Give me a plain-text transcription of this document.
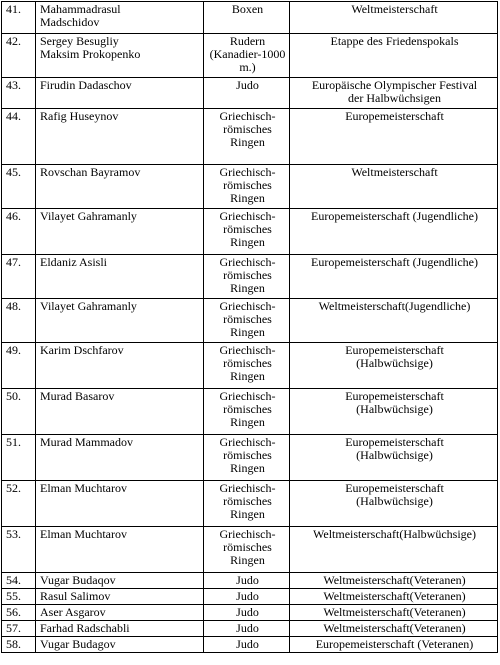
41.	Mahammadrasul
Madschidov	Boxen	Weltmeisterschaft
42.	Sergey Besugliy
Maksim Prokopenko	Rudern
(Kanadier-1000
m.)	Etappe des Friedenspokals
43.	Firudin Dadaschov	Judo	Europäische Olympischer Festival
der Halbwüchsigen
44.	Rafig Huseynov	Griechisch-
römisches
Ringen	Europemeisterschaft
45.	Rovschan Bayramov	Griechisch-
römisches
Ringen	Weltmeisterschaft
46.	Vilayet Gahramanly	Griechisch-
römisches
Ringen	Europemeisterschaft (Jugendliche)
47.	Eldaniz Asisli	Griechisch-
römisches
Ringen	Europemeisterschaft (Jugendliche)
48.	Vilayet Gahramanly	Griechisch-
römisches
Ringen	Weltmeisterschaft(Jugendliche)
49.	Karim Dschfarov	Griechisch-
römisches
Ringen	Europemeisterschaft
(Halbwüchsige)
50.	Murad Basarov	Griechisch-
römisches
Ringen	Europemeisterschaft
(Halbwüchsige)
51.	Murad Mammadov	Griechisch-
römisches
Ringen	Europemeisterschaft
(Halbwüchsige)
52.	Elman Muchtarov	Griechisch-
römisches
Ringen	Europemeisterschaft
(Halbwüchsige)
53.	Elman Muchtarov	Griechisch-
römisches
Ringen	Weltmeisterschaft(Halbwüchsige)
54.	Vugar Budaqov	Judo	Weltmeisterschaft(Veteranen)
55.	Rasul Salimov	Judo	Weltmeisterschaft(Veteranen)
56.	Aser Asgarov	Judo	Weltmeisterschaft(Veteranen)
57.	Farhad Radschabli	Judo	Weltmeisterschaft(Veteranen)
58.	Vugar Budagov	Judo	Europemeisterschaft (Veteranen)
